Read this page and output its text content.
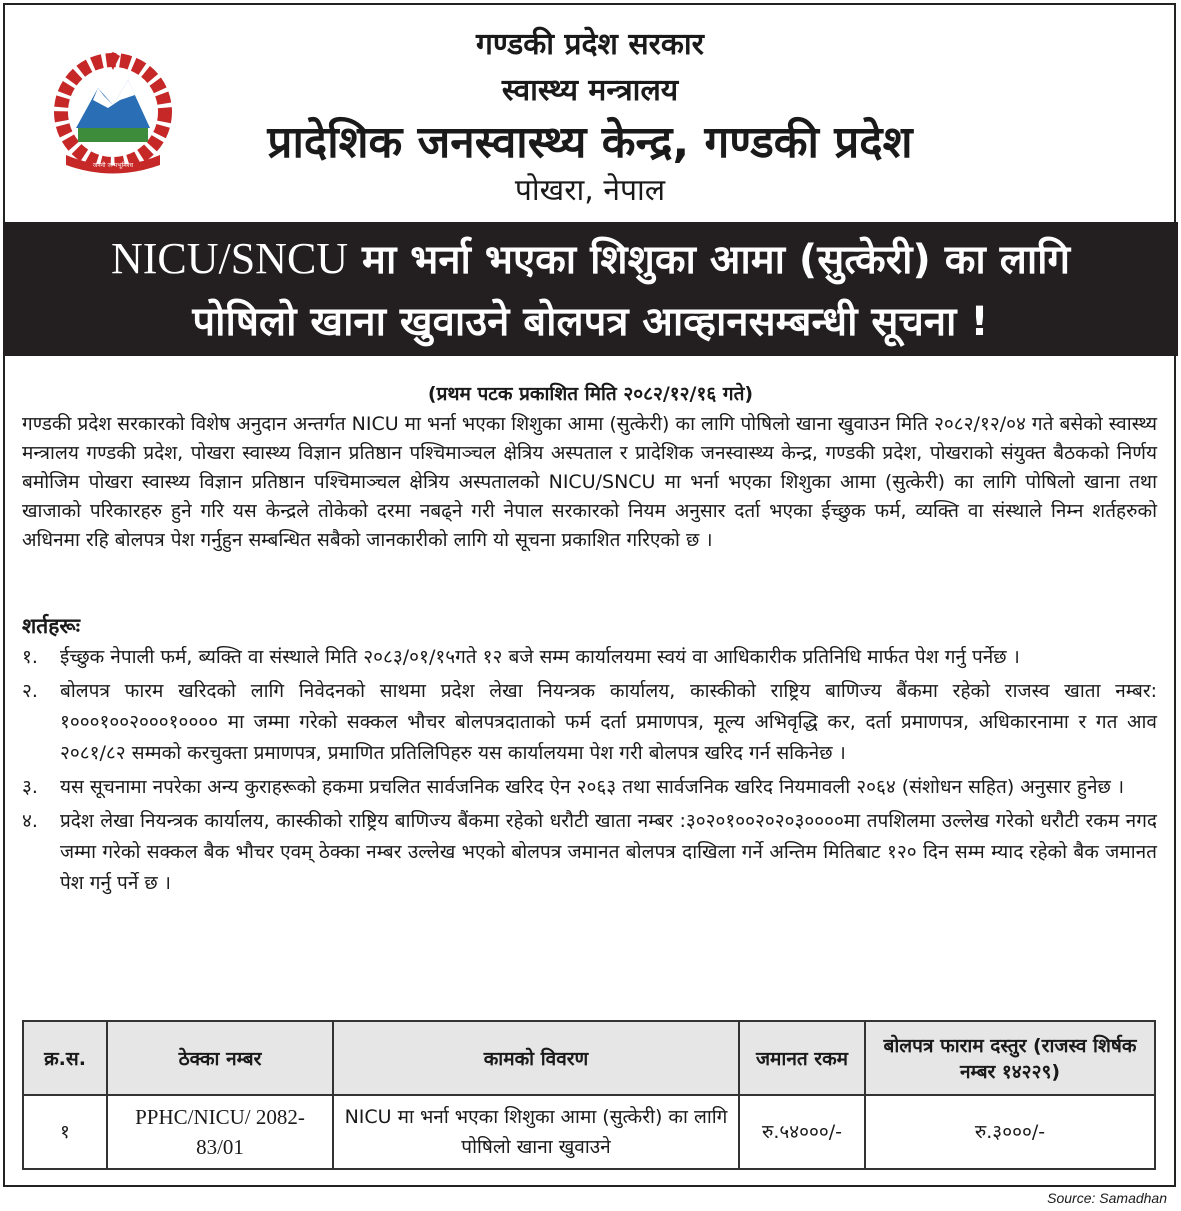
जननी जन्मभूमिश्च
गण्डकी प्रदेश सरकार
स्वास्थ्य मन्त्रालय
प्रादेशिक जनस्वास्थ्य केन्द्र, गण्डकी प्रदेश
पोखरा, नेपाल
NICU/SNCU मा भर्ना भएका शिशुका आमा (सुत्केरी) का लागि
पोषिलो खाना खुवाउने बोलपत्र आव्हानसम्बन्धी सूचना !
(प्रथम पटक प्रकाशित मिति २०८२/१२/१६ गते)
गण्डकी प्रदेश सरकारको विशेष अनुदान अन्तर्गत NICU मा भर्ना भएका शिशुका आमा (सुत्केरी) का लागि पोषिलो खाना खुवाउन मिति २०८२/१२/०४ गते बसेको स्वास्थ्य मन्त्रालय गण्डकी प्रदेश, पोखरा स्वास्थ्य विज्ञान प्रतिष्ठान पश्चिमाञ्चल क्षेत्रिय अस्पताल र प्रादेशिक जनस्वास्थ्य केन्द्र, गण्डकी प्रदेश, पोखराको संयुक्त बैठकको निर्णय बमोजिम पोखरा स्वास्थ्य विज्ञान प्रतिष्ठान पश्चिमाञ्चल क्षेत्रिय अस्पतालको NICU/SNCU मा भर्ना भएका शिशुका आमा (सुत्केरी) का लागि पोषिलो खाना तथा खाजाको परिकारहरु हुने गरि यस केन्द्रले तोकेको दरमा नबढ्ने गरी नेपाल सरकारको नियम अनुसार दर्ता भएका ईच्छुक फर्म, व्यक्ति वा संस्थाले निम्न शर्तहरुको अधिनमा रहि बोलपत्र पेश गर्नुहुन सम्बन्धित सबैको जानकारीको लागि यो सूचना प्रकाशित गरिएको छ ।
शर्तहरूः
१.	ईच्छुक नेपाली फर्म, ब्यक्ति वा संस्थाले मिति २०८३/०१/१५गते १२ बजे सम्म कार्यालयमा स्वयं वा आधिकारीक प्रतिनिधि मार्फत पेश गर्नु पर्नेछ ।
२.	बोलपत्र फारम खरिदको लागि निवेदनको साथमा प्रदेश लेखा नियन्त्रक कार्यालय, कास्कीको राष्ट्रिय बाणिज्य बैंकमा रहेको राजस्व खाता नम्बर: १०००१००२०००१०००० मा जम्मा गरेको सक्कल भौचर बोलपत्रदाताको फर्म दर्ता प्रमाणपत्र, मूल्य अभिवृद्धि कर, दर्ता प्रमाणपत्र, अधिकारनामा र गत आव २०८१/८२ सम्मको करचुक्ता प्रमाणपत्र, प्रमाणित प्रतिलिपिहरु यस कार्यालयमा पेश गरी बोलपत्र खरिद गर्न सकिनेछ ।
३.	यस सूचनामा नपरेका अन्य कुराहरूको हकमा प्रचलित सार्वजनिक खरिद ऐन २०६३ तथा सार्वजनिक खरिद नियमावली २०६४ (संशोधन सहित) अनुसार हुनेछ ।
४.	प्रदेश लेखा नियन्त्रक कार्यालय, कास्कीको राष्ट्रिय बाणिज्य बैंकमा रहेको धरौटी खाता नम्बर :३०२०१००२०२०३००००मा तपशिलमा उल्लेख गरेको धरौटी रकम नगद जम्मा गरेको सक्कल बैक भौचर एवम् ठेक्का नम्बर उल्लेख भएको बोलपत्र जमानत बोलपत्र दाखिला गर्ने अन्तिम मितिबाट १२० दिन सम्म म्याद रहेको बैक जमानत पेश गर्नु पर्ने छ ।
क्र.स.	ठेक्का नम्बर	कामको विवरण	जमानत रकम	बोलपत्र फाराम दस्तुर (राजस्व शिर्षक नम्बर १४२२९)
१	PPHC/NICU/ 2082-83/01	NICU मा भर्ना भएका शिशुका आमा (सुत्केरी) का लागि पोषिलो खाना खुवाउने	रु.५४०००/-	रु.३०००/-
Source: Samadhan
